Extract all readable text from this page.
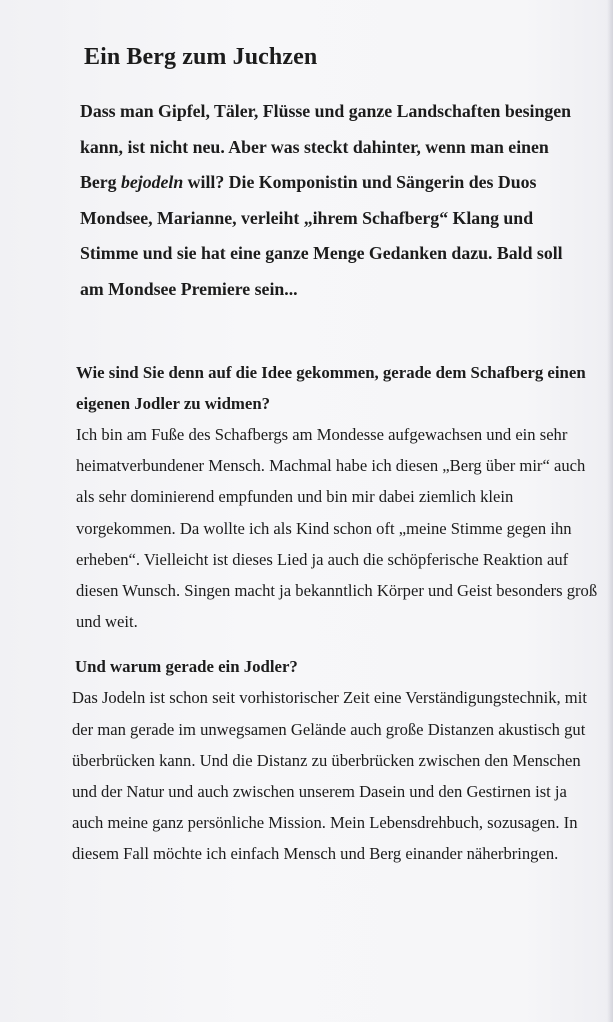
Ein Berg zum Juchzen

Dass man Gipfel, Täler, Flüsse und ganze Landschaften besingen kann, ist nicht neu. Aber was steckt dahinter, wenn man einen Berg bejodeln will? Die Komponistin und Sängerin des Duos Mondsee, Marianne, verleiht „ihrem Schafberg“ Klang und Stimme und sie hat eine ganze Menge Gedanken dazu. Bald soll am Mondsee Premiere sein...

Wie sind Sie denn auf die Idee gekommen, gerade dem Schafberg einen eigenen Jodler zu widmen?

Ich bin am Fuße des Schafbergs am Mondesse aufgewachsen und ein sehr heimatverbundener Mensch. Machmal habe ich diesen „Berg über mir“ auch als sehr dominierend empfunden und bin mir dabei ziemlich klein vorgekommen. Da wollte ich als Kind schon oft „meine Stimme gegen ihn erheben“. Vielleicht ist dieses Lied ja auch die schöpferische Reaktion auf diesen Wunsch. Singen macht ja bekanntlich Körper und Geist besonders groß und weit.

Und warum gerade ein Jodler?

Das Jodeln ist schon seit vorhistorischer Zeit eine Verständigungstechnik, mit der man gerade im unwegsamen Gelände auch große Distanzen akustisch gut überbrücken kann. Und die Distanz zu überbrücken zwischen den Menschen und der Natur und auch zwischen unserem Dasein und den Gestirnen ist ja auch meine ganz persönliche Mission. Mein Lebensdrehbuch, sozusagen. In diesem Fall möchte ich einfach Mensch und Berg einander näherbringen.
